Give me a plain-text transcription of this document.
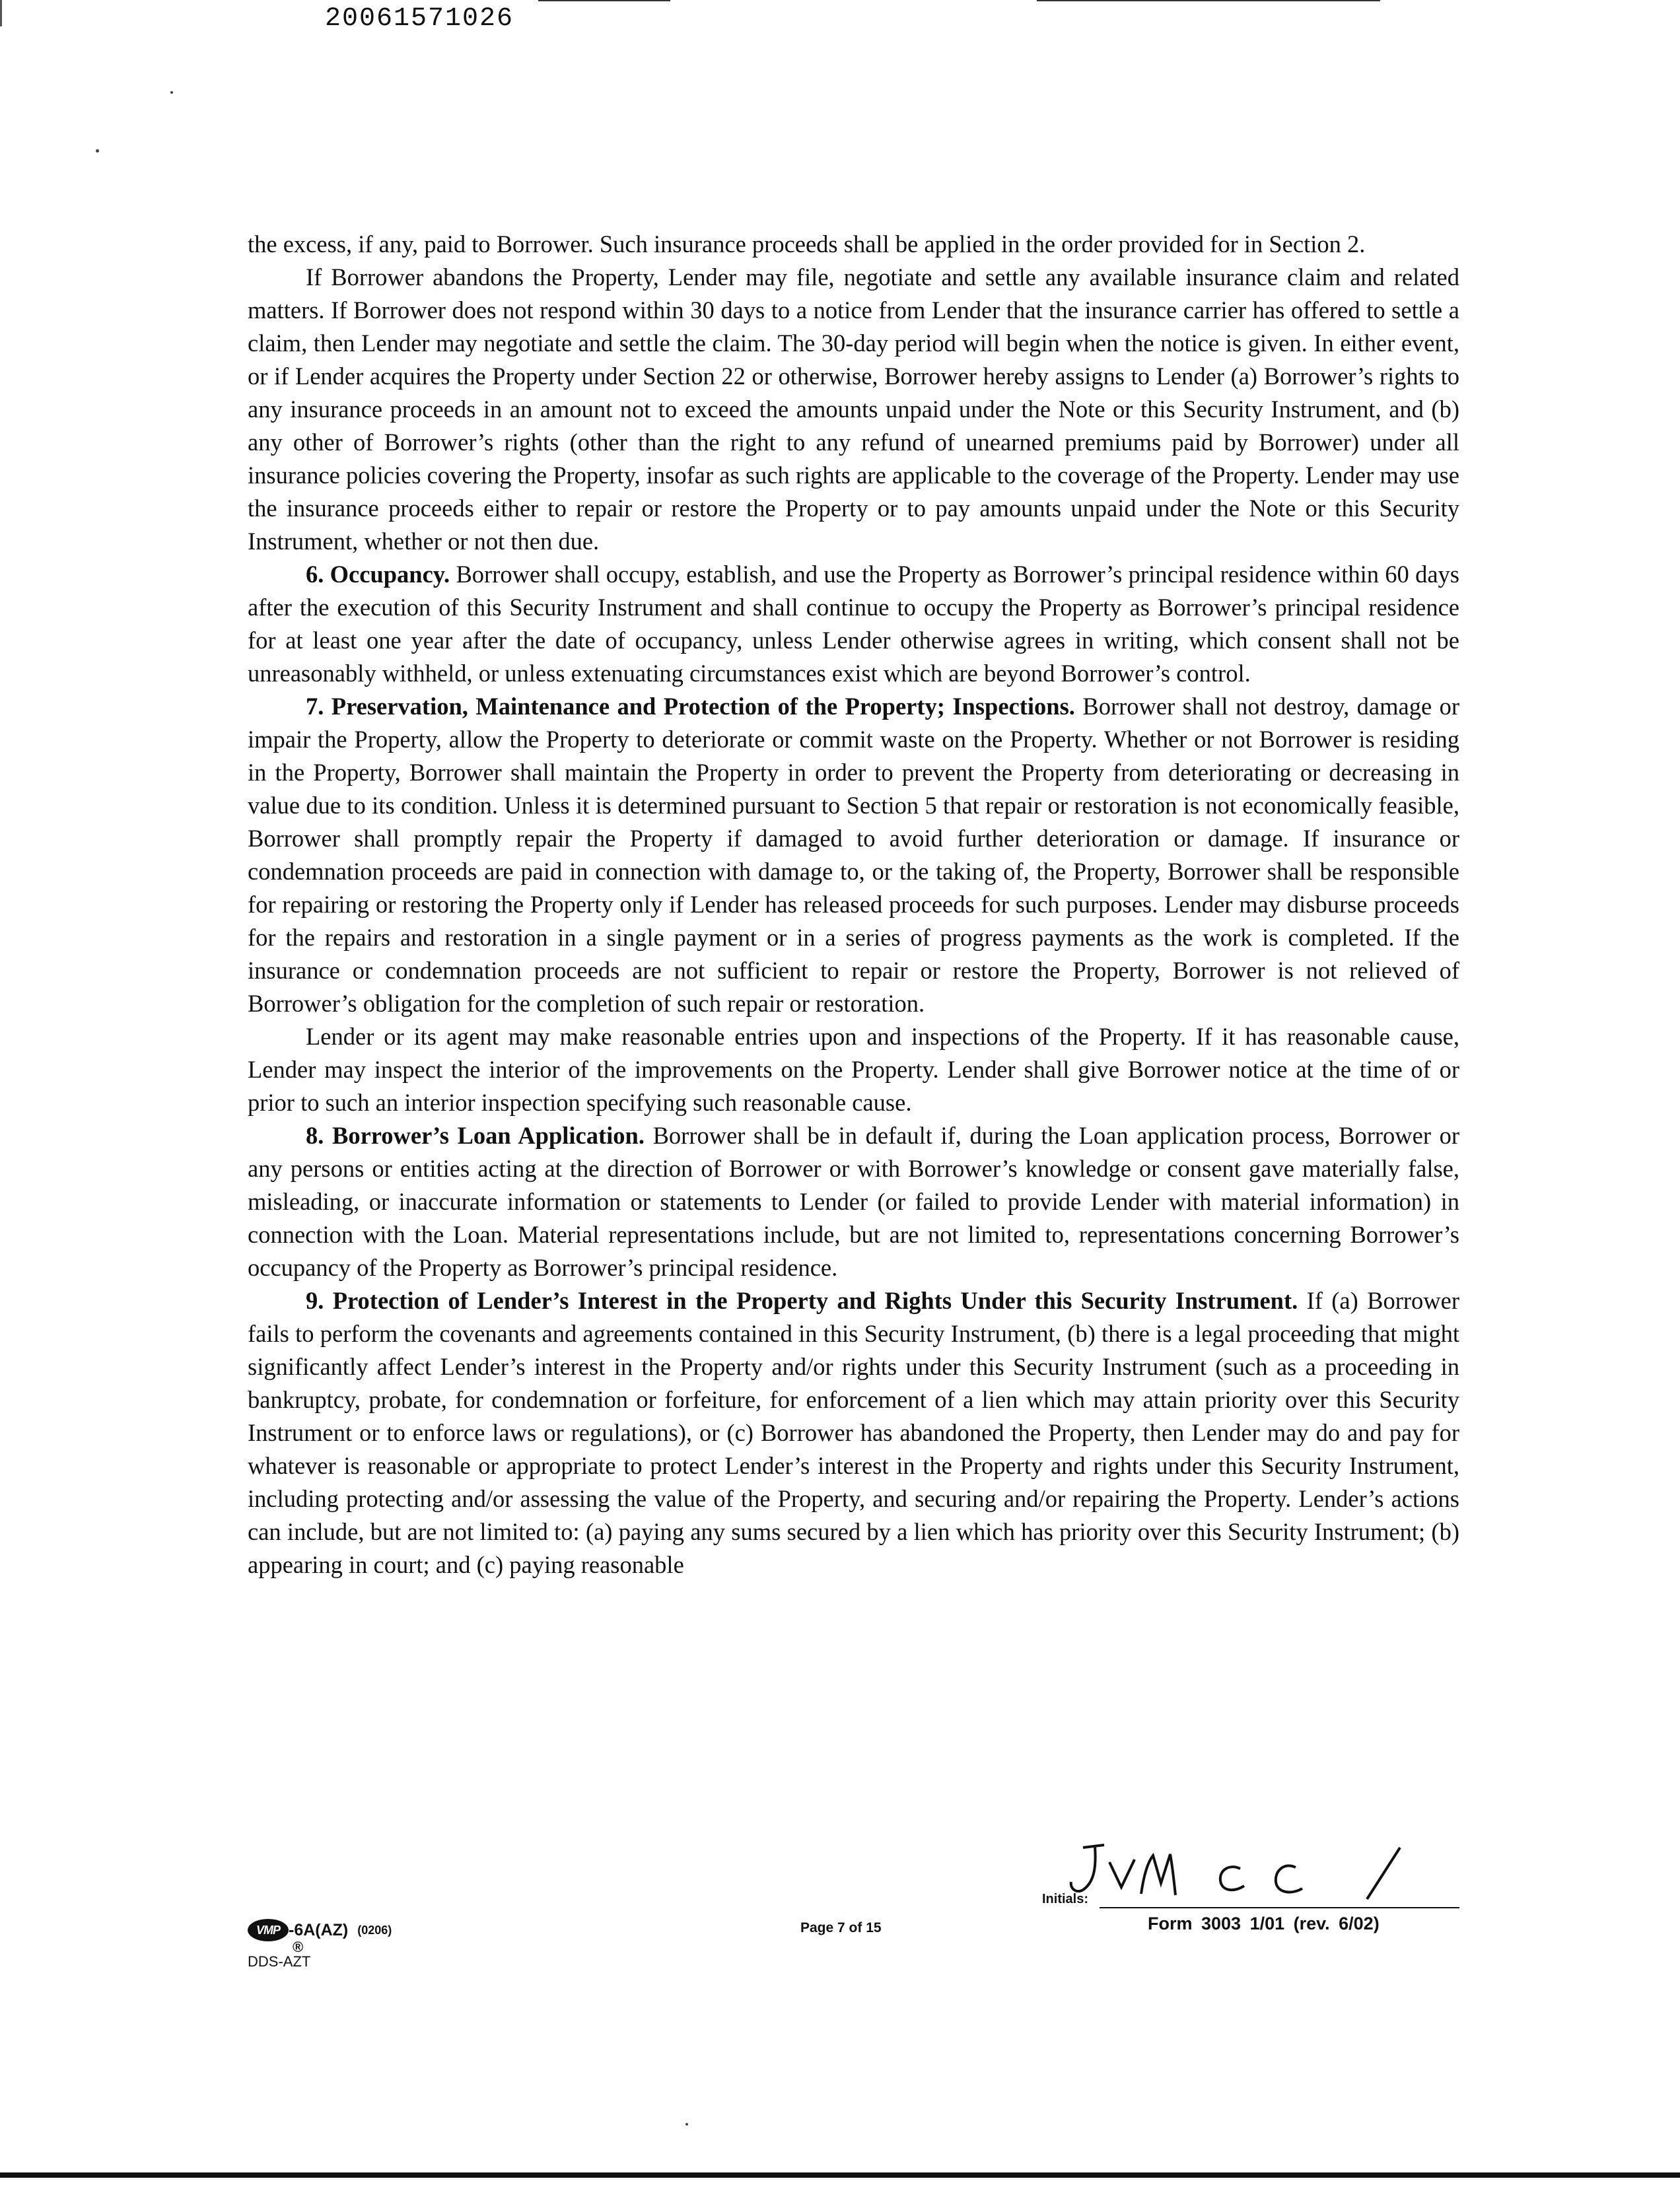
20061571026

the excess, if any, paid to Borrower. Such insurance proceeds shall be applied in the order provided for in Section 2.

If Borrower abandons the Property, Lender may file, negotiate and settle any available insurance claim and related matters. If Borrower does not respond within 30 days to a notice from Lender that the insurance carrier has offered to settle a claim, then Lender may negotiate and settle the claim. The 30-day period will begin when the notice is given. In either event, or if Lender acquires the Property under Section 22 or otherwise, Borrower hereby assigns to Lender (a) Borrower’s rights to any insurance proceeds in an amount not to exceed the amounts unpaid under the Note or this Security Instrument, and (b) any other of Borrower’s rights (other than the right to any refund of unearned premiums paid by Borrower) under all insurance policies covering the Property, insofar as such rights are applicable to the coverage of the Property. Lender may use the insurance proceeds either to repair or restore the Property or to pay amounts unpaid under the Note or this Security Instrument, whether or not then due.

6. Occupancy. Borrower shall occupy, establish, and use the Property as Borrower’s principal residence within 60 days after the execution of this Security Instrument and shall continue to occupy the Property as Borrower’s principal residence for at least one year after the date of occupancy, unless Lender otherwise agrees in writing, which consent shall not be unreasonably withheld, or unless extenuating circumstances exist which are beyond Borrower’s control.

7. Preservation, Maintenance and Protection of the Property; Inspections. Borrower shall not destroy, damage or impair the Property, allow the Property to deteriorate or commit waste on the Property. Whether or not Borrower is residing in the Property, Borrower shall maintain the Property in order to prevent the Property from deteriorating or decreasing in value due to its condition. Unless it is determined pursuant to Section 5 that repair or restoration is not economically feasible, Borrower shall promptly repair the Property if damaged to avoid further deterioration or damage. If insurance or condemnation proceeds are paid in connection with damage to, or the taking of, the Property, Borrower shall be responsible for repairing or restoring the Property only if Lender has released proceeds for such purposes. Lender may disburse proceeds for the repairs and restoration in a single payment or in a series of progress payments as the work is completed. If the insurance or condemnation proceeds are not sufficient to repair or restore the Property, Borrower is not relieved of Borrower’s obligation for the completion of such repair or restoration.

Lender or its agent may make reasonable entries upon and inspections of the Property. If it has reasonable cause, Lender may inspect the interior of the improvements on the Property. Lender shall give Borrower notice at the time of or prior to such an interior inspection specifying such reasonable cause.

8. Borrower’s Loan Application. Borrower shall be in default if, during the Loan application process, Borrower or any persons or entities acting at the direction of Borrower or with Borrower’s knowledge or consent gave materially false, misleading, or inaccurate information or statements to Lender (or failed to provide Lender with material information) in connection with the Loan. Material representations include, but are not limited to, representations concerning Borrower’s occupancy of the Property as Borrower’s principal residence.

9. Protection of Lender’s Interest in the Property and Rights Under this Security Instrument. If (a) Borrower fails to perform the covenants and agreements contained in this Security Instrument, (b) there is a legal proceeding that might significantly affect Lender’s interest in the Property and/or rights under this Security Instrument (such as a proceeding in bankruptcy, probate, for condemnation or forfeiture, for enforcement of a lien which may attain priority over this Security Instrument or to enforce laws or regulations), or (c) Borrower has abandoned the Property, then Lender may do and pay for whatever is reasonable or appropriate to protect Lender’s interest in the Property and rights under this Security Instrument, including protecting and/or assessing the value of the Property, and securing and/or repairing the Property. Lender’s actions can include, but are not limited to: (a) paying any sums secured by a lien which has priority over this Security Instrument; (b) appearing in court; and (c) paying reasonable

Initials:
VMP -6A(AZ) (0206)
®
DDS-AZT
Page 7 of 15	Form 3003 1/01 (rev. 6/02)
